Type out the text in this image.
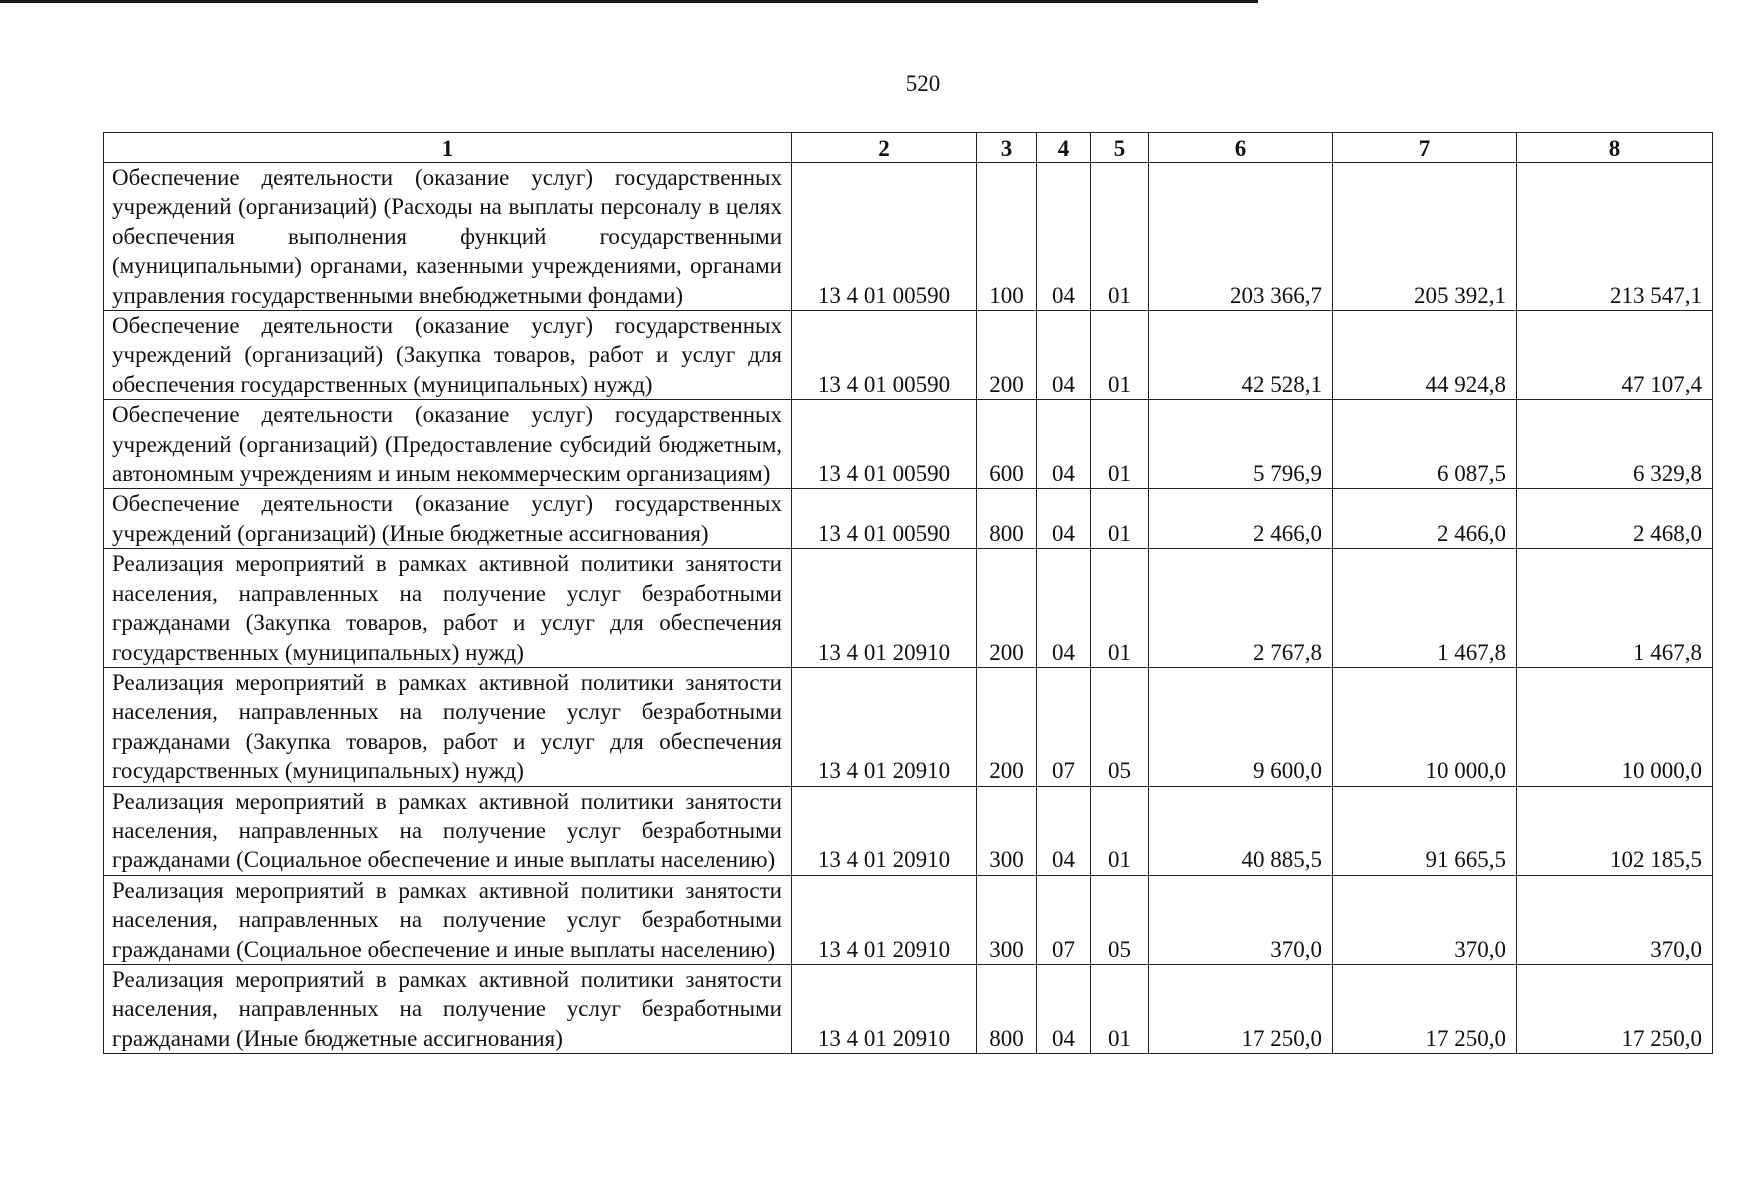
520
1	2	3	4	5	6	7	8
Обеспечение деятельности (оказание услуг) государственных учреждений (организаций) (Расходы на выплаты персоналу в целях обеспечения выполнения функций государственными (муниципальными) органами, казенными учреждениями, органами управления государственными внебюджетными фондами)	13 4 01 00590	100	04	01	203 366,7	205 392,1	213 547,1
Обеспечение деятельности (оказание услуг) государственных учреждений (организаций) (Закупка товаров, работ и услуг для обеспечения государственных (муниципальных) нужд)	13 4 01 00590	200	04	01	42 528,1	44 924,8	47 107,4
Обеспечение деятельности (оказание услуг) государственных учреждений (организаций) (Предоставление субсидий бюджетным, автономным учреждениям и иным некоммерческим организациям)	13 4 01 00590	600	04	01	5 796,9	6 087,5	6 329,8
Обеспечение деятельности (оказание услуг) государственных учреждений (организаций) (Иные бюджетные ассигнования)	13 4 01 00590	800	04	01	2 466,0	2 466,0	2 468,0
Реализация мероприятий в рамках активной политики занятости населения, направленных на получение услуг безработными гражданами (Закупка товаров, работ и услуг для обеспечения государственных (муниципальных) нужд)	13 4 01 20910	200	04	01	2 767,8	1 467,8	1 467,8
Реализация мероприятий в рамках активной политики занятости населения, направленных на получение услуг безработными гражданами (Закупка товаров, работ и услуг для обеспечения государственных (муниципальных) нужд)	13 4 01 20910	200	07	05	9 600,0	10 000,0	10 000,0
Реализация мероприятий в рамках активной политики занятости населения, направленных на получение услуг безработными гражданами (Социальное обеспечение и иные выплаты населению)	13 4 01 20910	300	04	01	40 885,5	91 665,5	102 185,5
Реализация мероприятий в рамках активной политики занятости населения, направленных на получение услуг безработными гражданами (Социальное обеспечение и иные выплаты населению)	13 4 01 20910	300	07	05	370,0	370,0	370,0
Реализация мероприятий в рамках активной политики занятости населения, направленных на получение услуг безработными гражданами (Иные бюджетные ассигнования)	13 4 01 20910	800	04	01	17 250,0	17 250,0	17 250,0
